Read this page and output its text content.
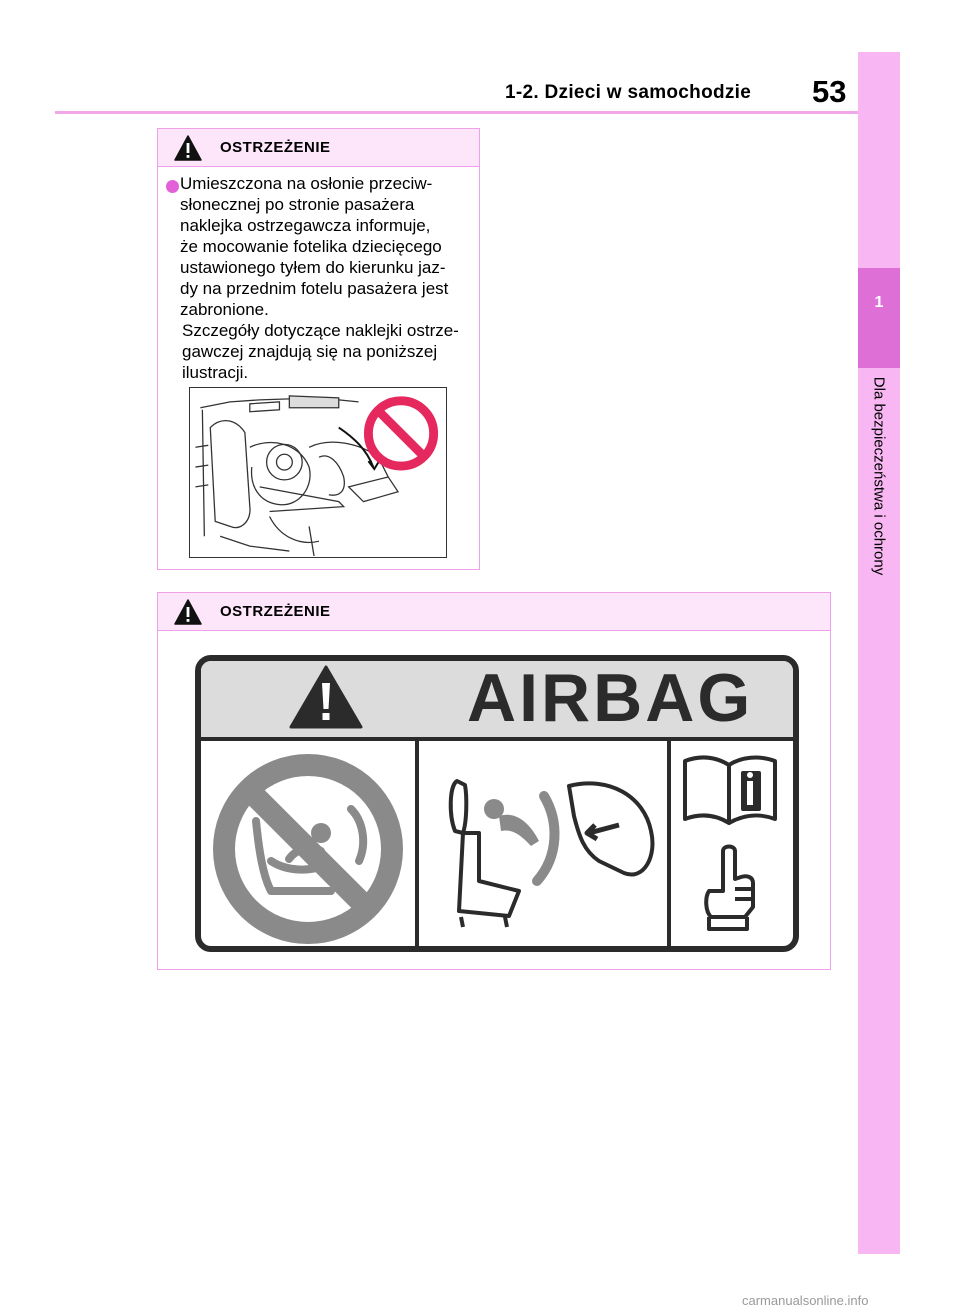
1-2. Dzieci w samochodzie 53
1
Dla bezpieczeństwa i ochrony
OSTRZEŻENIE
Umieszczona na osłonie przeciw-
słonecznej po stronie pasażera
naklejka ostrzegawcza informuje,
że mocowanie fotelika dziecięcego
ustawionego tyłem do kierunku jaz-
dy na przednim fotelu pasażera jest
zabronione.
Szczegóły dotyczące naklejki ostrze-
gawczej znajdują się na poniższej
ilustracji.
OSTRZEŻENIE
AIRBAG
carmanualsonline.info
